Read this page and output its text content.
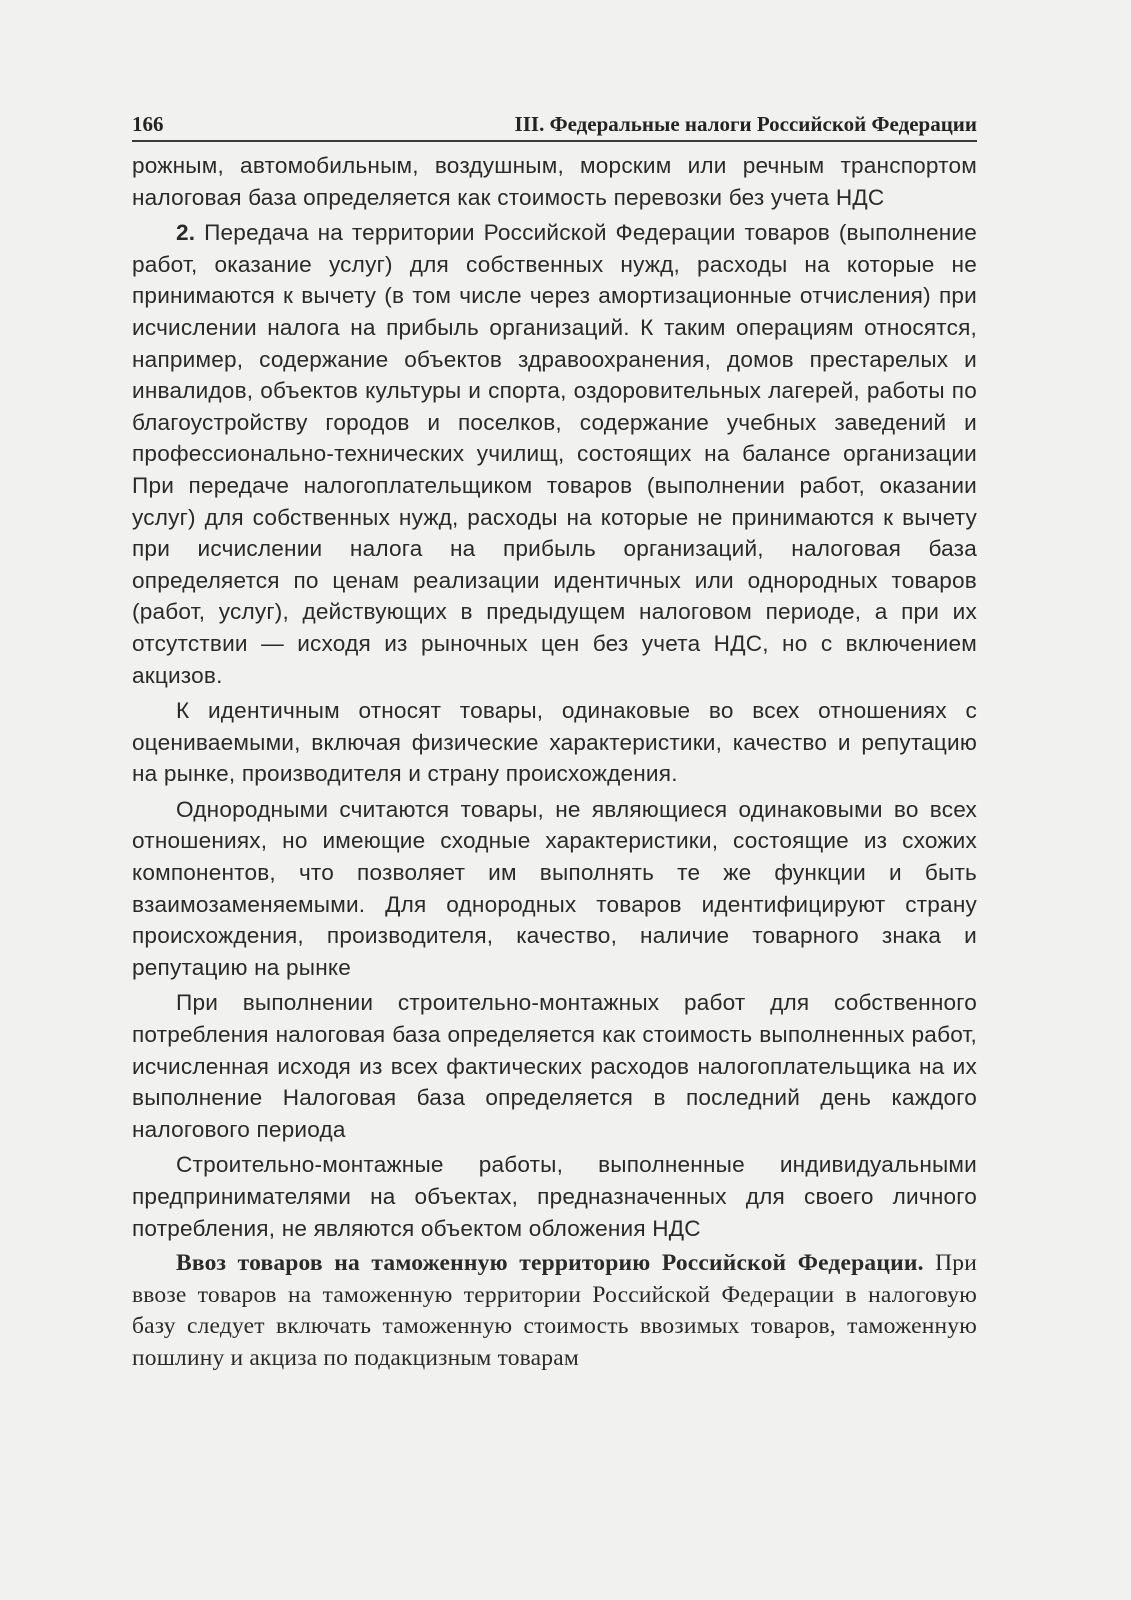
166	III. Федеральные налоги Российской Федерации

рожным, автомобильным, воздушным, морским или речным транспортом налоговая база определяется как стоимость перевозки без учета НДС

2. Передача на территории Российской Федерации товаров (выполнение работ, оказание услуг) для собственных нужд, расходы на которые не принимаются к вычету (в том числе через амортизационные отчисления) при исчислении налога на прибыль организаций. К таким операциям относятся, например, содержание объектов здравоохранения, домов престарелых и инвалидов, объектов культуры и спорта, оздоровительных лагерей, работы по благоустройству городов и поселков, содержание учебных заведений и профессионально-технических училищ, состоящих на балансе организации При передаче налогоплательщиком товаров (выполнении работ, оказании услуг) для собственных нужд, расходы на которые не принимаются к вычету при исчислении налога на прибыль организаций, налоговая база определяется по ценам реализации идентичных или однородных товаров (работ, услуг), действующих в предыдущем налоговом периоде, а при их отсутствии — исходя из рыночных цен без учета НДС, но с включением акцизов.

К идентичным относят товары, одинаковые во всех отношениях с оцениваемыми, включая физические характеристики, качество и репутацию на рынке, производителя и страну происхождения.

Однородными считаются товары, не являющиеся одинаковыми во всех отношениях, но имеющие сходные характеристики, состоящие из схожих компонентов, что позволяет им выполнять те же функции и быть взаимозаменяемыми. Для однородных товаров идентифицируют страну происхождения, производителя, качество, наличие товарного знака и репутацию на рынке

При выполнении строительно-монтажных работ для собственного потребления налоговая база определяется как стоимость выполненных работ, исчисленная исходя из всех фактических расходов налогоплательщика на их выполнение Налоговая база определяется в последний день каждого налогового периода

Строительно-монтажные работы, выполненные индивидуальными предпринимателями на объектах, предназначенных для своего личного потребления, не являются объектом обложения НДС

Ввоз товаров на таможенную территорию Российской Федерации. При ввозе товаров на таможенную территории Российской Федерации в налоговую базу следует включать таможенную стоимость ввозимых товаров, таможенную пошлину и акциза по подакцизным товарам
